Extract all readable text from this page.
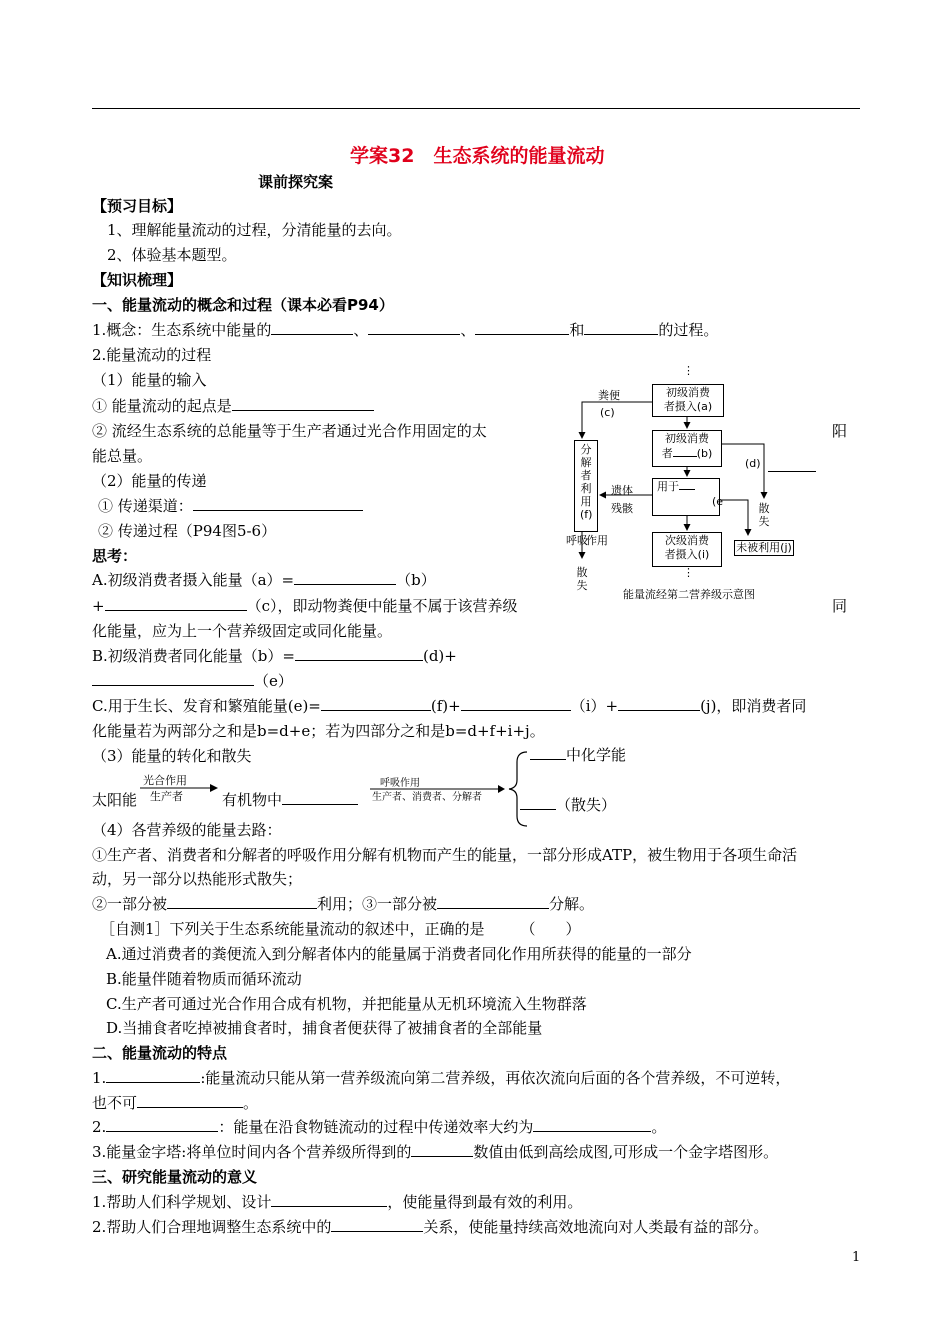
学案32　生态系统的能量流动
课前探究案
【预习目标】
1、理解能量流动的过程，分清能量的去向。
2、体验基本题型。
【知识梳理】
一、能量流动的概念和过程（课本必看P94）
1.概念：生态系统中能量的	、	、	和	的过程。
2.能量流动的过程
（1）能量的输入
① 能量流动的起点是
② 流经生态系统的总能量等于生产者通过光合作用固定的太	阳
能总量。
（2）能量的传递
① 传递渠道：
② 传递过程（P94图5-6）
思考：
A.初级消费者摄入能量（a）=	（b）
+	（c），即动物粪便中能量不属于该营养级	同
化能量，应为上一个营养级固定或同化能量。
B.初级消费者同化能量（b）=	(d)+
（e）
C.用于生长、发育和繁殖能量(e)=	(f)+	（i）+	(j)，即消费者同
化能量若为两部分之和是b=d+e；若为四部分之和是b=d+f+i+j。
（3）能量的转化和散失
太阳能
光合作用
生产者	有机物中
呼吸作用
生产者、消费者、分解者
中化学能
（散失）
（4）各营养级的能量去路：
①生产者、消费者和分解者的呼吸作用分解有机物而产生的能量，一部分形成ATP，被生物用于各项生命活
动，另一部分以热能形式散失；
②一部分被	利用；③一部分被	分解。
［自测1］下列关于生态系统能量流动的叙述中，正确的是 （　　）
A.通过消费者的粪便流入到分解者体内的能量属于消费者同化作用所获得的能量的一部分
B.能量伴随着物质而循环流动
C.生产者可通过光合作用合成有机物，并把能量从无机环境流入生物群落
D.当捕食者吃掉被捕食者时，捕食者便获得了被捕食者的全部能量
二、能量流动的特点
1.	:能量流动只能从第一营养级流向第二营养级，再依次流向后面的各个营养级，不可逆转，
也不可	。
2.	：能量在沿食物链流动的过程中传递效率大约为	。
3.能量金字塔:将单位时间内各个营养级所得到的	数值由低到高绘成图,可形成一个金字塔图形。
三、研究能量流动的意义
1.帮助人们科学规划、设计	，使能量得到最有效的利用。
2.帮助人们合理地调整生态系统中的	关系，使能量持续高效地流向对人类最有益的部分。
1
⋮
初级消费
者摄入(a)
粪便
(c)
初级消费
者 (b)
(d)
用于
(e
遗体
残骸
分解者利用(f)
呼吸
作用
散失
散失
未被利用(j)
次级消费
者摄入(i)
⋮
能量流经第二营养级示意图
